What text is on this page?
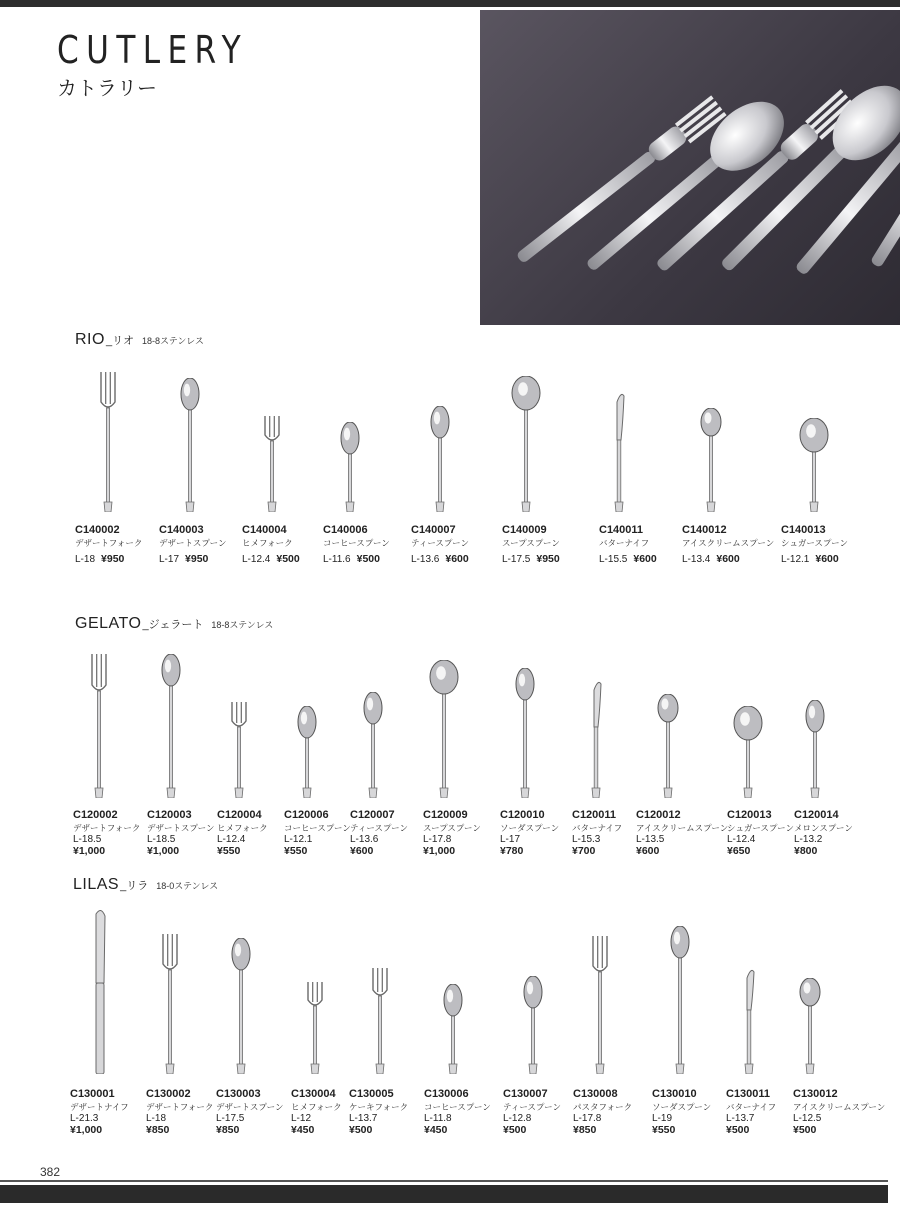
CUTLERY
カトラリー
RIO_リオ 18-8ステンレス
GELATO_ジェラート 18-8ステンレス
LILAS_リラ 18-0ステンレス
C140002
デザートフォーク
L-18 ¥950
C140003
デザートスプーン
L-17 ¥950
C140004
ヒメフォーク
L-12.4 ¥500
C140006
コーヒースプーン
L-11.6 ¥500
C140007
ティースプーン
L-13.6 ¥600
C140009
スープスプーン
L-17.5 ¥950
C140011
バターナイフ
L-15.5 ¥600
C140012
アイスクリームスプーン
L-13.4 ¥600
C140013
シュガースプーン
L-12.1 ¥600
C120002
デザートフォーク
L-18.5
¥1,000
C120003
デザートスプーン
L-18.5
¥1,000
C120004
ヒメフォーク
L-12.4
¥550
C120006
コーヒースプーン
L-12.1
¥550
C120007
ティースプーン
L-13.6
¥600
C120009
スープスプーン
L-17.8
¥1,000
C120010
ソーダスプーン
L-17
¥780
C120011
バターナイフ
L-15.3
¥700
C120012
アイスクリームスプーン
L-13.5
¥600
C120013
シュガースプーン
L-12.4
¥650
C120014
メロンスプーン
L-13.2
¥800
C130001
デザートナイフ
L-21.3
¥1,000
C130002
デザートフォーク
L-18
¥850
C130003
デザートスプーン
L-17.5
¥850
C130004
ヒメフォーク
L-12
¥450
C130005
ケーキフォーク
L-13.7
¥500
C130006
コーヒースプーン
L-11.8
¥450
C130007
ティースプーン
L-12.8
¥500
C130008
パスタフォーク
L-17.8
¥850
C130010
ソーダスプーン
L-19
¥550
C130011
バターナイフ
L-13.7
¥500
C130012
アイスクリームスプーン
L-12.5
¥500
382
